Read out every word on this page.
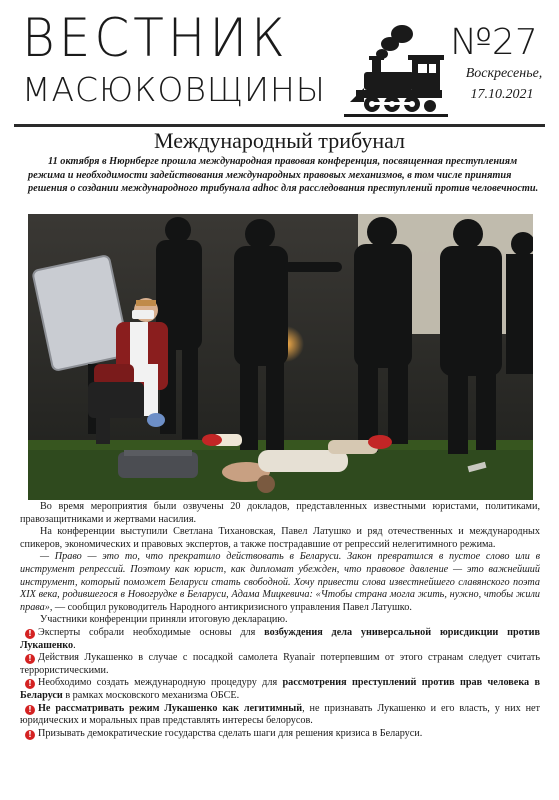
ВЕСТНИК
МАСЮКОВЩИНЫ
№27
Воскресенье,
17.10.2021
Международный трибунал
11 октября в Нюрнберге прошла международная правовая конференция, посвященная преступлениям режима и необходимости задействования международных правовых механизмов, в том числе принятия решения о создании международного трибунала adhoc для расследования преступлений против человечности.

Во время мероприятия были озвучены 20 докладов, представленных известными юристами, политиками, правозащитниками и жертвами насилия.

На конференции выступили Светлана Тихановская, Павел Латушко и ряд отечественных и международных спикеров, экономических и правовых экспертов, а также пострадавшие от репрессий нелегитимного режима.

— Право — это то, что прекратило действовать в Беларуси. Закон превратился в пустое слово или в инструмент репрессий. Поэтому как юрист, как дипломат убежден, что правовое давление — это важнейший инструмент, который поможет Беларуси стать свободной. Хочу привести слова известнейшего славянского поэта XIX века, родившегося в Новогрудке в Беларуси, Адама Мицкевича: «Чтобы страна могла жить, нужно, чтобы жили права», — сообщил руководитель Народного антикризисного управления Павел Латушко.

Участники конференции приняли итоговую декларацию.

! Эксперты собрали необходимые основы для возбуждения дела универсальной юрисдикции против Лукашенко.
! Действия Лукашенко в случае с посадкой самолета Ryanair потерпевшим от этого странам следует считать террористическими.
! Необходимо создать международную процедуру для рассмотрения преступлений против прав человека в Беларуси в рамках московского механизма ОБСЕ.
! Не рассматривать режим Лукашенко как легитимный, не признавать Лукашенко и его власть, у них нет юридических и моральных прав представлять интересы белорусов.
! Призывать демократические государства сделать шаги для решения кризиса в Беларуси.
